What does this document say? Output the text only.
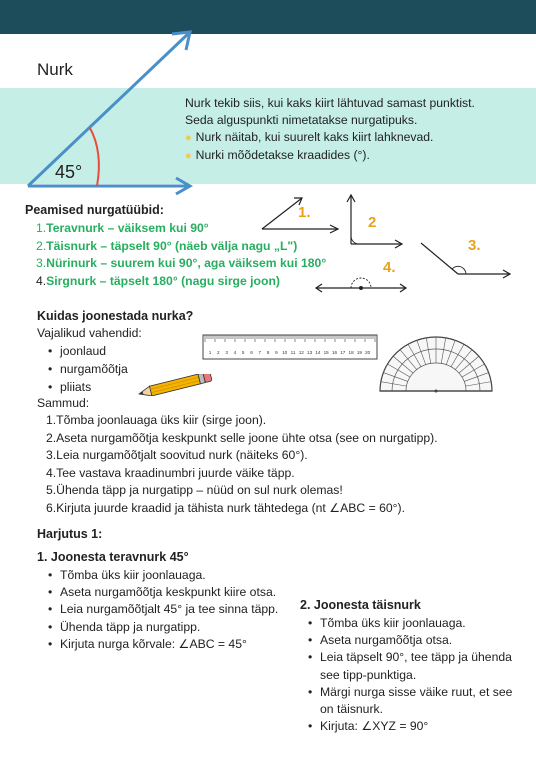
Nurk
45°
Nurk tekib siis, kui kaks kiirt lähtuvad samast punktist.
Seda alguspunkti nimetatakse nurgatipuks.
● Nurk näitab, kui suurelt kaks kiirt lahknevad.
● Nurki mõõdetakse kraadides (°).
Peamised nurgatüübid:
1.Teravnurk – väiksem kui 90°
2.Täisnurk – täpselt 90° (näeb välja nagu „L")
3.Nürinurk – suurem kui 90°, aga väiksem kui 180°
4.Sirgnurk – täpselt 180° (nagu sirge joon)
1.
2
3.
4.
Kuidas joonestada nurka?
Vajalikud vahendid:
• joonlaud
• nurgamõõtja
• pliiats
1 2 3 4 5 6 7 8 9 10 11 12 13 14 15 16 17 18 19 20
Sammud:
1.Tõmba joonlauaga üks kiir (sirge joon).
2.Aseta nurgamõõtja keskpunkt selle joone ühte otsa (see on nurgatipp).
3.Leia nurgamõõtjalt soovitud nurk (näiteks 60°).
4.Tee vastava kraadinumbri juurde väike täpp.
5.Ühenda täpp ja nurgatipp – nüüd on sul nurk olemas!
6.Kirjuta juurde kraadid ja tähista nurk tähtedega (nt ∠ABC = 60°).
Harjutus 1:
1. Joonesta teravnurk 45°
• Tõmba üks kiir joonlauaga.
• Aseta nurgamõõtja keskpunkt kiire otsa.
• Leia nurgamõõtjalt 45° ja tee sinna täpp.
• Ühenda täpp ja nurgatipp.
• Kirjuta nurga kõrvale: ∠ABC = 45°
2. Joonesta täisnurk
• Tõmba üks kiir joonlauaga.
• Aseta nurgamõõtja otsa.
• Leia täpselt 90°, tee täpp ja ühenda see tipp-punktiga.
• Märgi nurga sisse väike ruut, et see on täisnurk.
• Kirjuta: ∠XYZ = 90°
